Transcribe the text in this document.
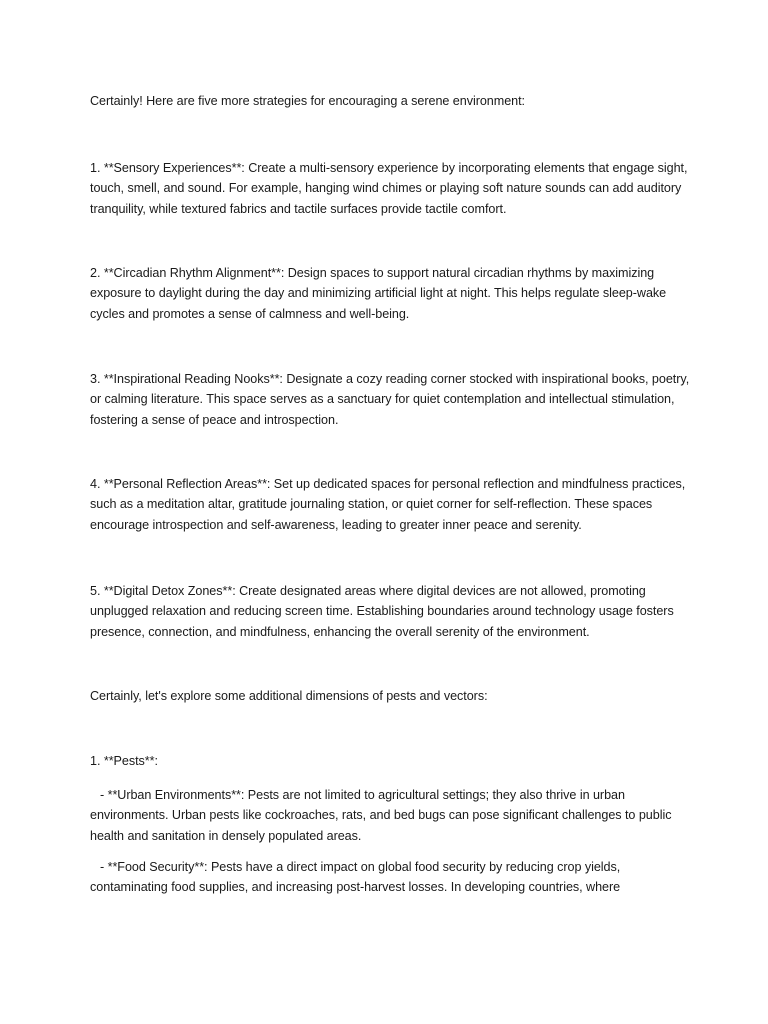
Certainly! Here are five more strategies for encouraging a serene environment:

1. **Sensory Experiences**: Create a multi-sensory experience by incorporating elements that engage sight, touch, smell, and sound. For example, hanging wind chimes or playing soft nature sounds can add auditory tranquility, while textured fabrics and tactile surfaces provide tactile comfort.

2. **Circadian Rhythm Alignment**: Design spaces to support natural circadian rhythms by maximizing exposure to daylight during the day and minimizing artificial light at night. This helps regulate sleep-wake cycles and promotes a sense of calmness and well-being.

3. **Inspirational Reading Nooks**: Designate a cozy reading corner stocked with inspirational books, poetry, or calming literature. This space serves as a sanctuary for quiet contemplation and intellectual stimulation, fostering a sense of peace and introspection.

4. **Personal Reflection Areas**: Set up dedicated spaces for personal reflection and mindfulness practices, such as a meditation altar, gratitude journaling station, or quiet corner for self-reflection. These spaces encourage introspection and self-awareness, leading to greater inner peace and serenity.

5. **Digital Detox Zones**: Create designated areas where digital devices are not allowed, promoting unplugged relaxation and reducing screen time. Establishing boundaries around technology usage fosters presence, connection, and mindfulness, enhancing the overall serenity of the environment.

Certainly, let's explore some additional dimensions of pests and vectors:

1. **Pests**:

- **Urban Environments**: Pests are not limited to agricultural settings; they also thrive in urban environments. Urban pests like cockroaches, rats, and bed bugs can pose significant challenges to public health and sanitation in densely populated areas.

- **Food Security**: Pests have a direct impact on global food security by reducing crop yields, contaminating food supplies, and increasing post-harvest losses. In developing countries, where
